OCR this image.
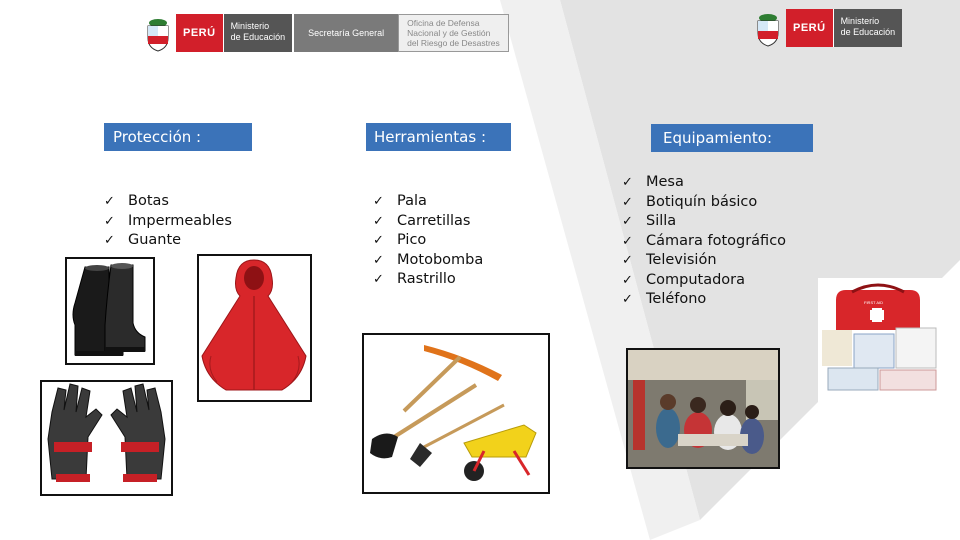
PERÚ
Ministerio
de Educación	Secretaría General
Oficina de Defensa
Nacional y de Gestión
del Riesgo de Desastres
PERÚ
Ministerio
de Educación
Protección :	Herramientas :	Equipamiento:
✓ Botas
✓ Impermeables
✓ Guante
✓ Pala
✓ Carretillas
✓ Pico
✓ Motobomba
✓ Rastrillo
✓ Mesa
✓ Botiquín básico
✓ Silla
✓ Cámara fotográfico
✓ Televisión
✓ Computadora
✓ Teléfono	FIRST AID
